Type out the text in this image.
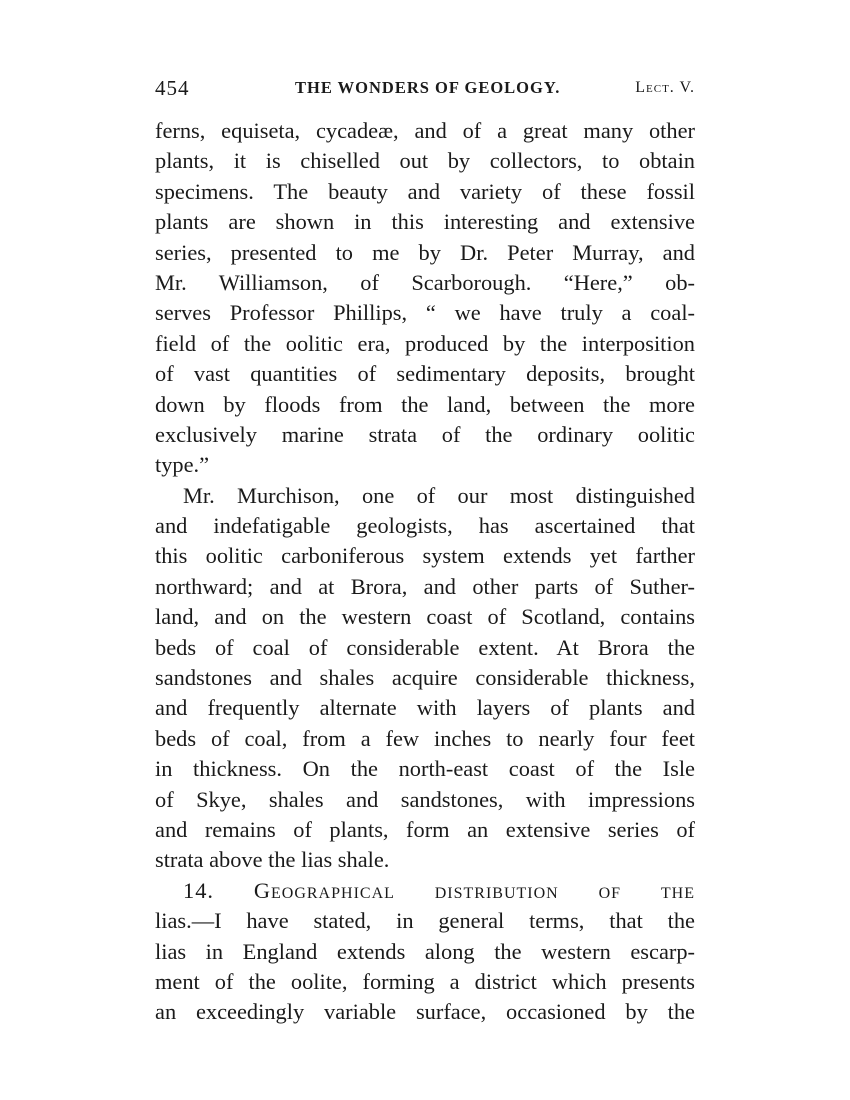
454	THE WONDERS OF GEOLOGY.	Lect. V.
ferns, equiseta, cycadeæ, and of a great many other
plants, it is chiselled out by collectors, to obtain
specimens. The beauty and variety of these fossil
plants are shown in this interesting and extensive
series, presented to me by Dr. Peter Murray, and
Mr. Williamson, of Scarborough. “Here,” ob-
serves Professor Phillips, “ we have truly a coal-
field of the oolitic era, produced by the interposition
of vast quantities of sedimentary deposits, brought
down by floods from the land, between the more
exclusively marine strata of the ordinary oolitic
type.”
Mr. Murchison, one of our most distinguished
and indefatigable geologists, has ascertained that
this oolitic carboniferous system extends yet farther
northward; and at Brora, and other parts of Suther-
land, and on the western coast of Scotland, contains
beds of coal of considerable extent. At Brora the
sandstones and shales acquire considerable thickness,
and frequently alternate with layers of plants and
beds of coal, from a few inches to nearly four feet
in thickness. On the north-east coast of the Isle
of Skye, shales and sandstones, with impressions
and remains of plants, form an extensive series of
strata above the lias shale.
14. Geographical distribution of the
lias.—I have stated, in general terms, that the
lias in England extends along the western escarp-
ment of the oolite, forming a district which presents
an exceedingly variable surface, occasioned by the
